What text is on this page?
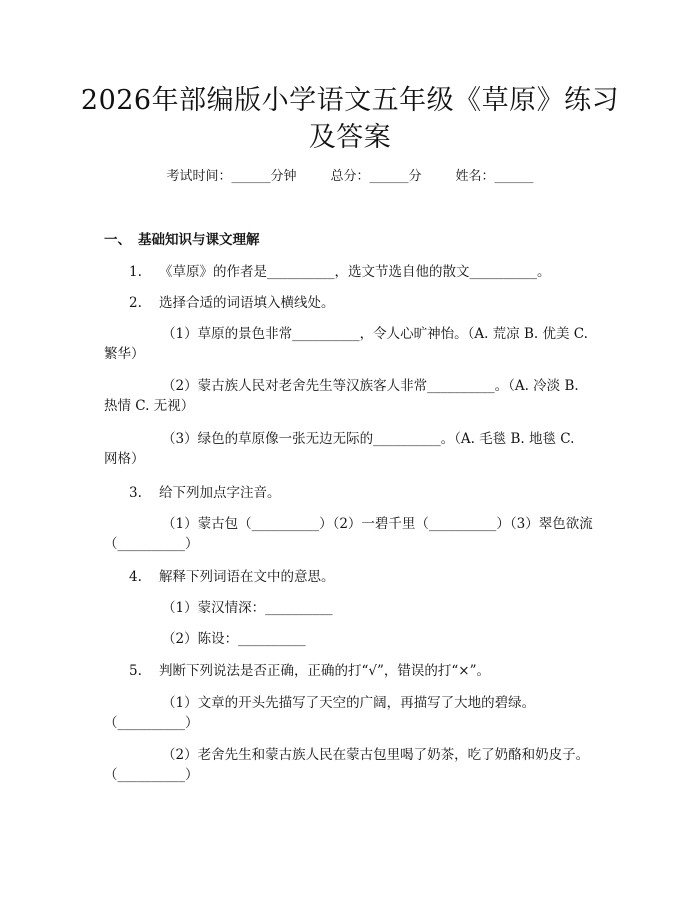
2026年部编版小学语文五年级《草原》练习
及答案
考试时间：______分钟	总分：______分	姓名：______
一、 基础知识与课文理解
1.	《草原》的作者是__________，选文节选自他的散文__________。
2.	选择合适的词语填入横线处。
（1）草原的景色非常__________，令人心旷神怡。（A. 荒凉 B. 优美 C.
繁华）
（2）蒙古族人民对老舍先生等汉族客人非常__________。（A. 冷淡 B.
热情 C. 无视）
（3）绿色的草原像一张无边无际的__________。（A. 毛毯 B. 地毯 C.
网格）
3.	给下列加点字注音。
（1）蒙古包（__________）（2）一碧千里（__________）（3）翠色欲流
（__________）
4.	解释下列词语在文中的意思。
（1）蒙汉情深：__________
（2）陈设：__________
5.	判断下列说法是否正确，正确的打“√”，错误的打“×”。
（1）文章的开头先描写了天空的广阔，再描写了大地的碧绿。
（__________）
（2）老舍先生和蒙古族人民在蒙古包里喝了奶茶，吃了奶酪和奶皮子。
（__________）
